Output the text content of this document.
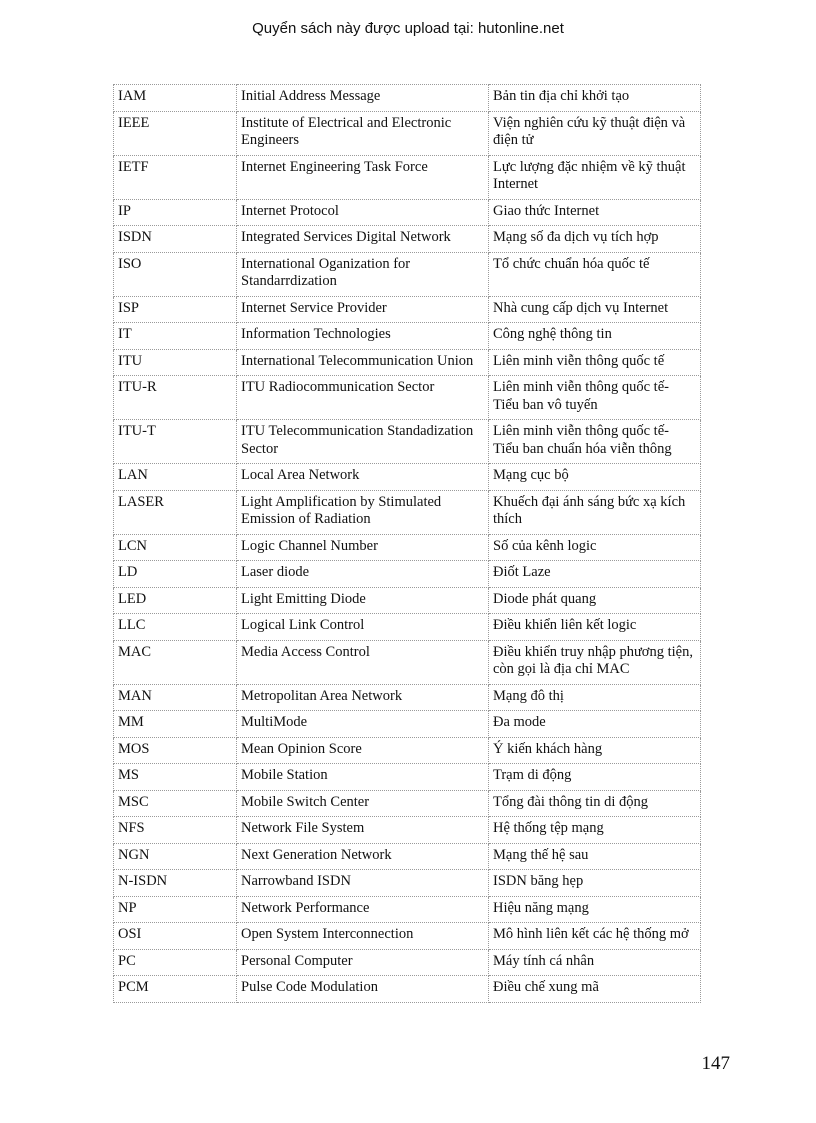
Quyển sách này được upload tại: hutonline.net
IAM	Initial Address Message	Bản tin địa chỉ khởi tạo
IEEE	Institute of Electrical and Electronic Engineers	Viện nghiên cứu kỹ thuật điện và điện tử
IETF	Internet Engineering Task Force	Lực lượng đặc nhiệm về kỹ thuật Internet
IP	Internet Protocol	Giao thức Internet
ISDN	Integrated Services Digital Network	Mạng số đa dịch vụ tích hợp
ISO	International Oganization for Standarrdization	Tổ chức chuẩn hóa quốc tế
ISP	Internet Service Provider	Nhà cung cấp dịch vụ Internet
IT	Information Technologies	Công nghệ thông tin
ITU	International Telecommunication Union	Liên minh viễn thông quốc tế
ITU-R	ITU Radiocommunication Sector	Liên minh viễn thông quốc tế- Tiểu ban vô tuyến
ITU-T	ITU Telecommunication Standadization Sector	Liên minh viễn thông quốc tế- Tiểu ban chuẩn hóa viễn thông
LAN	Local Area Network	Mạng cục bộ
LASER	Light Amplification by Stimulated Emission of Radiation	Khuếch đại ánh sáng bức xạ kích thích
LCN	Logic Channel Number	Số của kênh logic
LD	Laser diode	Điốt Laze
LED	Light Emitting Diode	Diode phát quang
LLC	Logical Link Control	Điều khiển liên kết logic
MAC	Media Access Control	Điều khiển truy nhập phương tiện, còn gọi là địa chỉ MAC
MAN	Metropolitan Area Network	Mạng đô thị
MM	MultiMode	Đa mode
MOS	Mean Opinion Score	Ý kiến khách hàng
MS	Mobile Station	Trạm di động
MSC	Mobile Switch Center	Tổng đài thông tin di động
NFS	Network File System	Hệ thống tệp mạng
NGN	Next Generation Network	Mạng thế hệ sau
N-ISDN	Narrowband ISDN	ISDN băng hẹp
NP	Network Performance	Hiệu năng mạng
OSI	Open System Interconnection	Mô hình liên kết các hệ thống mở
PC	Personal Computer	Máy tính cá nhân
PCM	Pulse Code Modulation	Điều chế xung mã
147
